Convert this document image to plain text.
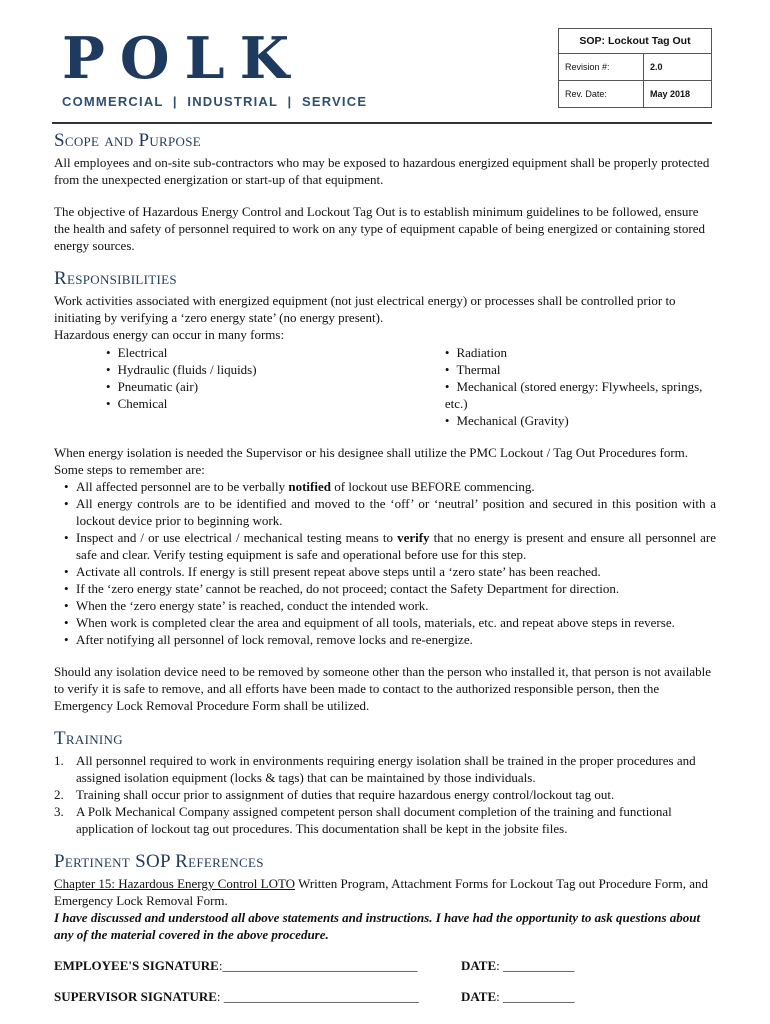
POLK
COMMERCIAL  |  INDUSTRIAL  |  SERVICE
SOP: Lockout Tag Out
Revision #:	2.0
Rev. Date:	May 2018
Scope and Purpose

All employees and on-site sub-contractors who may be exposed to hazardous energized equipment shall be properly protected from the unexpected energization or start-up of that equipment.

The objective of Hazardous Energy Control and Lockout Tag Out is to establish minimum guidelines to be followed, ensure the health and safety of personnel required to work on any type of equipment capable of being energized or containing stored energy sources.

Responsibilities

Work activities associated with energized equipment (not just electrical energy) or processes shall be controlled prior to initiating by verifying a ‘zero energy state’ (no energy present).

Hazardous energy can occur in many forms:

• Electrical
• Hydraulic (fluids / liquids)
• Pneumatic (air)
• Chemical
• Radiation
• Thermal
• Mechanical (stored energy: Flywheels, springs, etc.)
• Mechanical (Gravity)

When energy isolation is needed the Supervisor or his designee shall utilize the PMC Lockout / Tag Out Procedures form. Some steps to remember are:

• All affected personnel are to be verbally notified of lockout use BEFORE commencing.
• All energy controls are to be identified and moved to the ‘off’ or ‘neutral’ position and secured in this position with a lockout device prior to beginning work.
• Inspect and / or use electrical / mechanical testing means to verify that no energy is present and ensure all personnel are safe and clear. Verify testing equipment is safe and operational before use for this step.
• Activate all controls. If energy is still present repeat above steps until a ‘zero state’ has been reached.
• If the ‘zero energy state’ cannot be reached, do not proceed; contact the Safety Department for direction.
• When the ‘zero energy state’ is reached, conduct the intended work.
• When work is completed clear the area and equipment of all tools, materials, etc. and repeat above steps in reverse.
• After notifying all personnel of lock removal, remove locks and re-energize.

Should any isolation device need to be removed by someone other than the person who installed it, that person is not available to verify it is safe to remove, and all efforts have been made to contact to the authorized responsible person, then the Emergency Lock Removal Procedure Form shall be utilized.

Training
1. All personnel required to work in environments requiring energy isolation shall be trained in the proper procedures and assigned isolation equipment (locks & tags) that can be maintained by those individuals.
2. Training shall occur prior to assignment of duties that require hazardous energy control/lockout tag out.
3. A Polk Mechanical Company assigned competent person shall document completion of the training and functional application of lockout tag out procedures. This documentation shall be kept in the jobsite files.
Pertinent SOP References

Chapter 15: Hazardous Energy Control LOTO Written Program, Attachment Forms for Lockout Tag out Procedure Form, and Emergency Lock Removal Form.

I have discussed and understood all above statements and instructions. I have had the opportunity to ask questions about any of the material covered in the above procedure.

EMPLOYEE'S SIGNATURE:______________________________	DATE: ___________
SUPERVISOR SIGNATURE: ______________________________	DATE: ___________
